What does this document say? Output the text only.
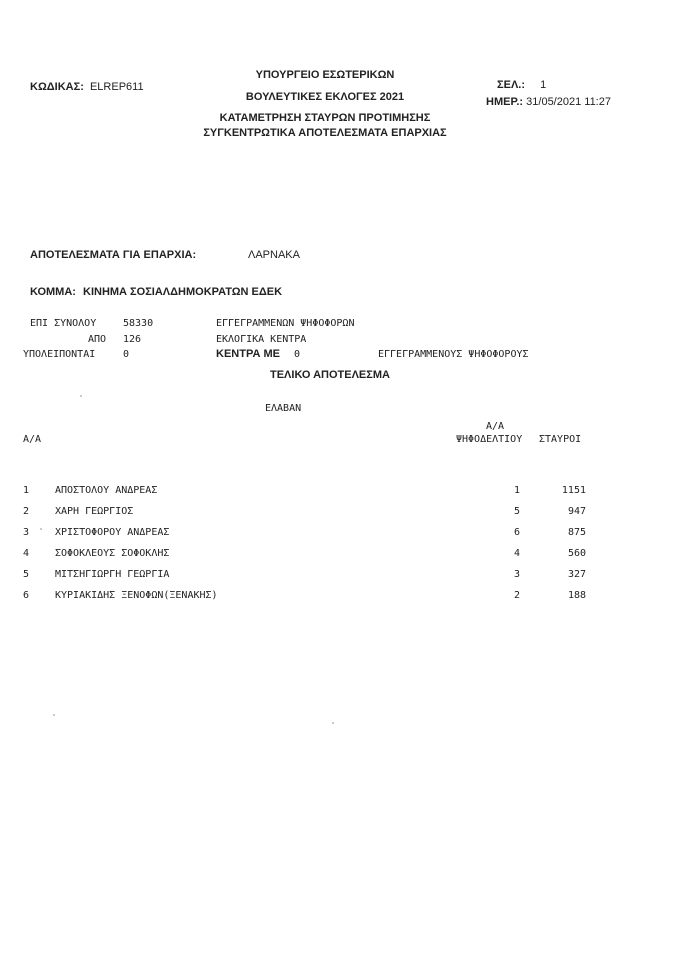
ΚΩΔΙΚΑΣ: ELREP611
ΥΠΟΥΡΓΕΙΟ ΕΣΩΤΕΡΙΚΩΝ
ΒΟΥΛΕΥΤΙΚΕΣ ΕΚΛΟΓΕΣ 2021
ΚΑΤΑΜΕΤΡΗΣΗ ΣΤΑΥΡΩΝ ΠΡΟΤΙΜΗΣΗΣ
ΣΥΓΚΕΝΤΡΩΤΙΚΑ ΑΠΟΤΕΛΕΣΜΑΤΑ ΕΠΑΡΧΙΑΣ
ΣΕΛ.: 1
ΗΜΕΡ.: 31/05/2021 11:27
ΑΠΟΤΕΛΕΣΜΑΤΑ ΓΙΑ ΕΠΑΡΧΙΑ:	ΛΑΡΝΑΚΑ
ΚΟΜΜΑ: ΚΙΝΗΜΑ ΣΟΣΙΑΛΔΗΜΟΚΡΑΤΩΝ ΕΔΕΚ
ΕΠΙ ΣΥΝΟΛΟΥ	58330	ΕΓΓΕΓΡΑΜΜΕΝΩΝ ΨΗΦΟΦΟΡΩΝ
ΑΠΟ 126	ΕΚΛΟΓΙΚΑ ΚΕΝΤΡΑ
ΥΠΟΛΕΙΠΟΝΤΑΙ	0	ΚΕΝΤΡΑ ΜΕ 0	ΕΓΓΕΓΡΑΜΜΕΝΟΥΣ ΨΗΦΟΦΟΡΟΥΣ
ΤΕΛΙΚΟ ΑΠΟΤΕΛΕΣΜΑ
ΕΛΑΒΑΝ
Α/Α
Α/Α
ΨΗΦΟΔΕΛΤΙΟΥ ΣΤΑΥΡΟΙ
1	ΑΠΟΣΤΟΛΟΥ ΑΝΔΡΕΑΣ	1	1151
2	ΧΑΡΗ ΓΕΩΡΓΙΟΣ	5	947
3	ΧΡΙΣΤΟΦΟΡΟΥ ΑΝΔΡΕΑΣ	6	875
4	ΣΟΦΟΚΛΕΟΥΣ ΣΟΦΟΚΛΗΣ	4	560
5	ΜΙΤΣΗΓΙΩΡΓΗ ΓΕΩΡΓΙΑ	3	327
6	ΚΥΡΙΑΚΙΔΗΣ ΞΕΝΟΦΩΝ(ΞΕΝΑΚΗΣ)	2	188
